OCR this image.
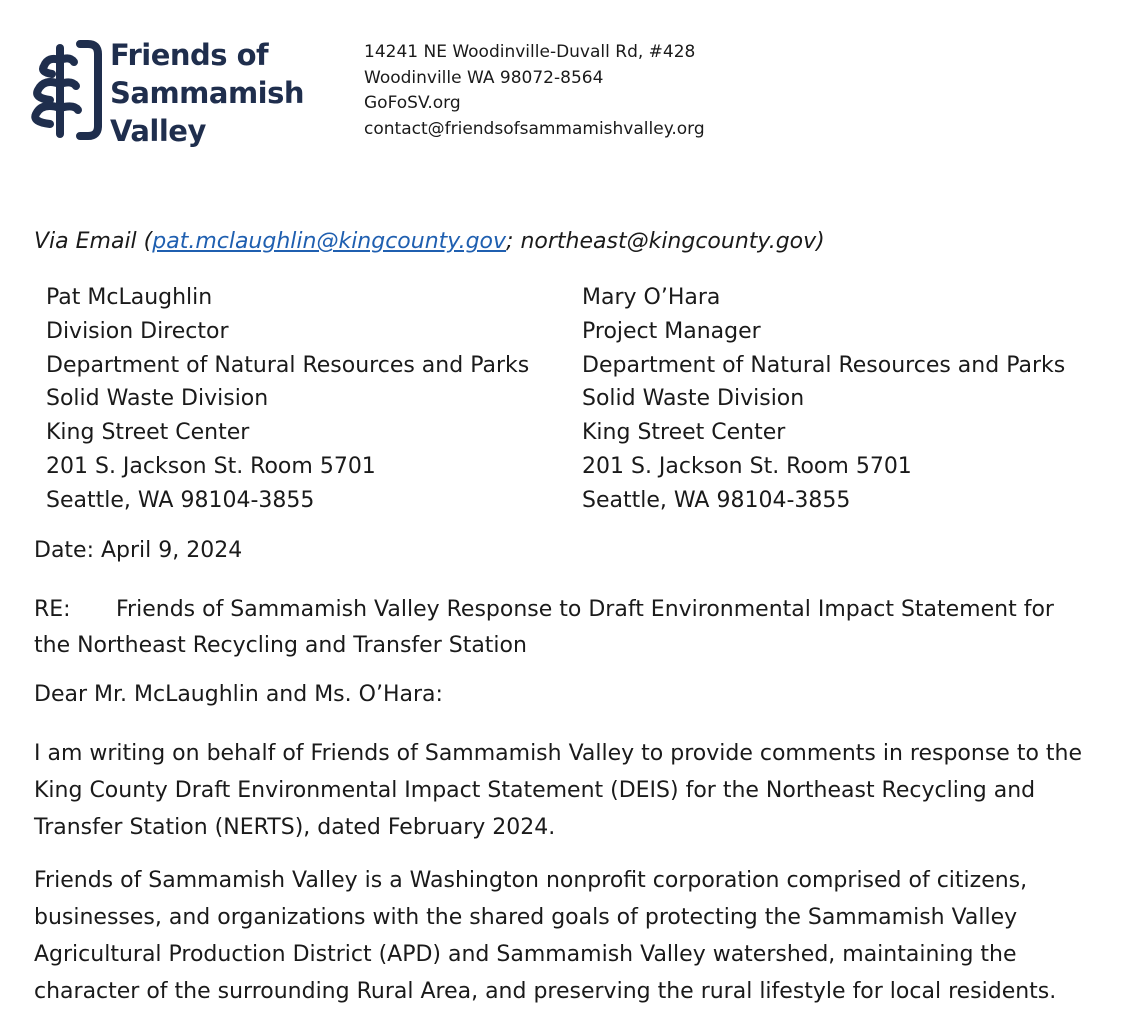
Friends of
Sammamish
Valley
14241 NE Woodinville-Duvall Rd, #428
Woodinville WA 98072-8564
GoFoSV.org
contact@friendsofsammamishvalley.org
Via Email (pat.mclaughlin@kingcounty.gov; northeast@kingcounty.gov)
Pat McLaughlin
Division Director
Department of Natural Resources and Parks
Solid Waste Division
King Street Center
201 S. Jackson St. Room 5701
Seattle, WA 98104-3855
Mary O’Hara
Project Manager
Department of Natural Resources and Parks
Solid Waste Division
King Street Center
201 S. Jackson St. Room 5701
Seattle, WA 98104-3855
Date: April 9, 2024
RE: Friends of Sammamish Valley Response to Draft Environmental Impact Statement for
the Northeast Recycling and Transfer Station
Dear Mr. McLaughlin and Ms. O’Hara:
I am writing on behalf of Friends of Sammamish Valley to provide comments in response to the
King County Draft Environmental Impact Statement (DEIS) for the Northeast Recycling and
Transfer Station (NERTS), dated February 2024.
Friends of Sammamish Valley is a Washington nonprofit corporation comprised of citizens,
businesses, and organizations with the shared goals of protecting the Sammamish Valley
Agricultural Production District (APD) and Sammamish Valley watershed, maintaining the
character of the surrounding Rural Area, and preserving the rural lifestyle for local residents.
